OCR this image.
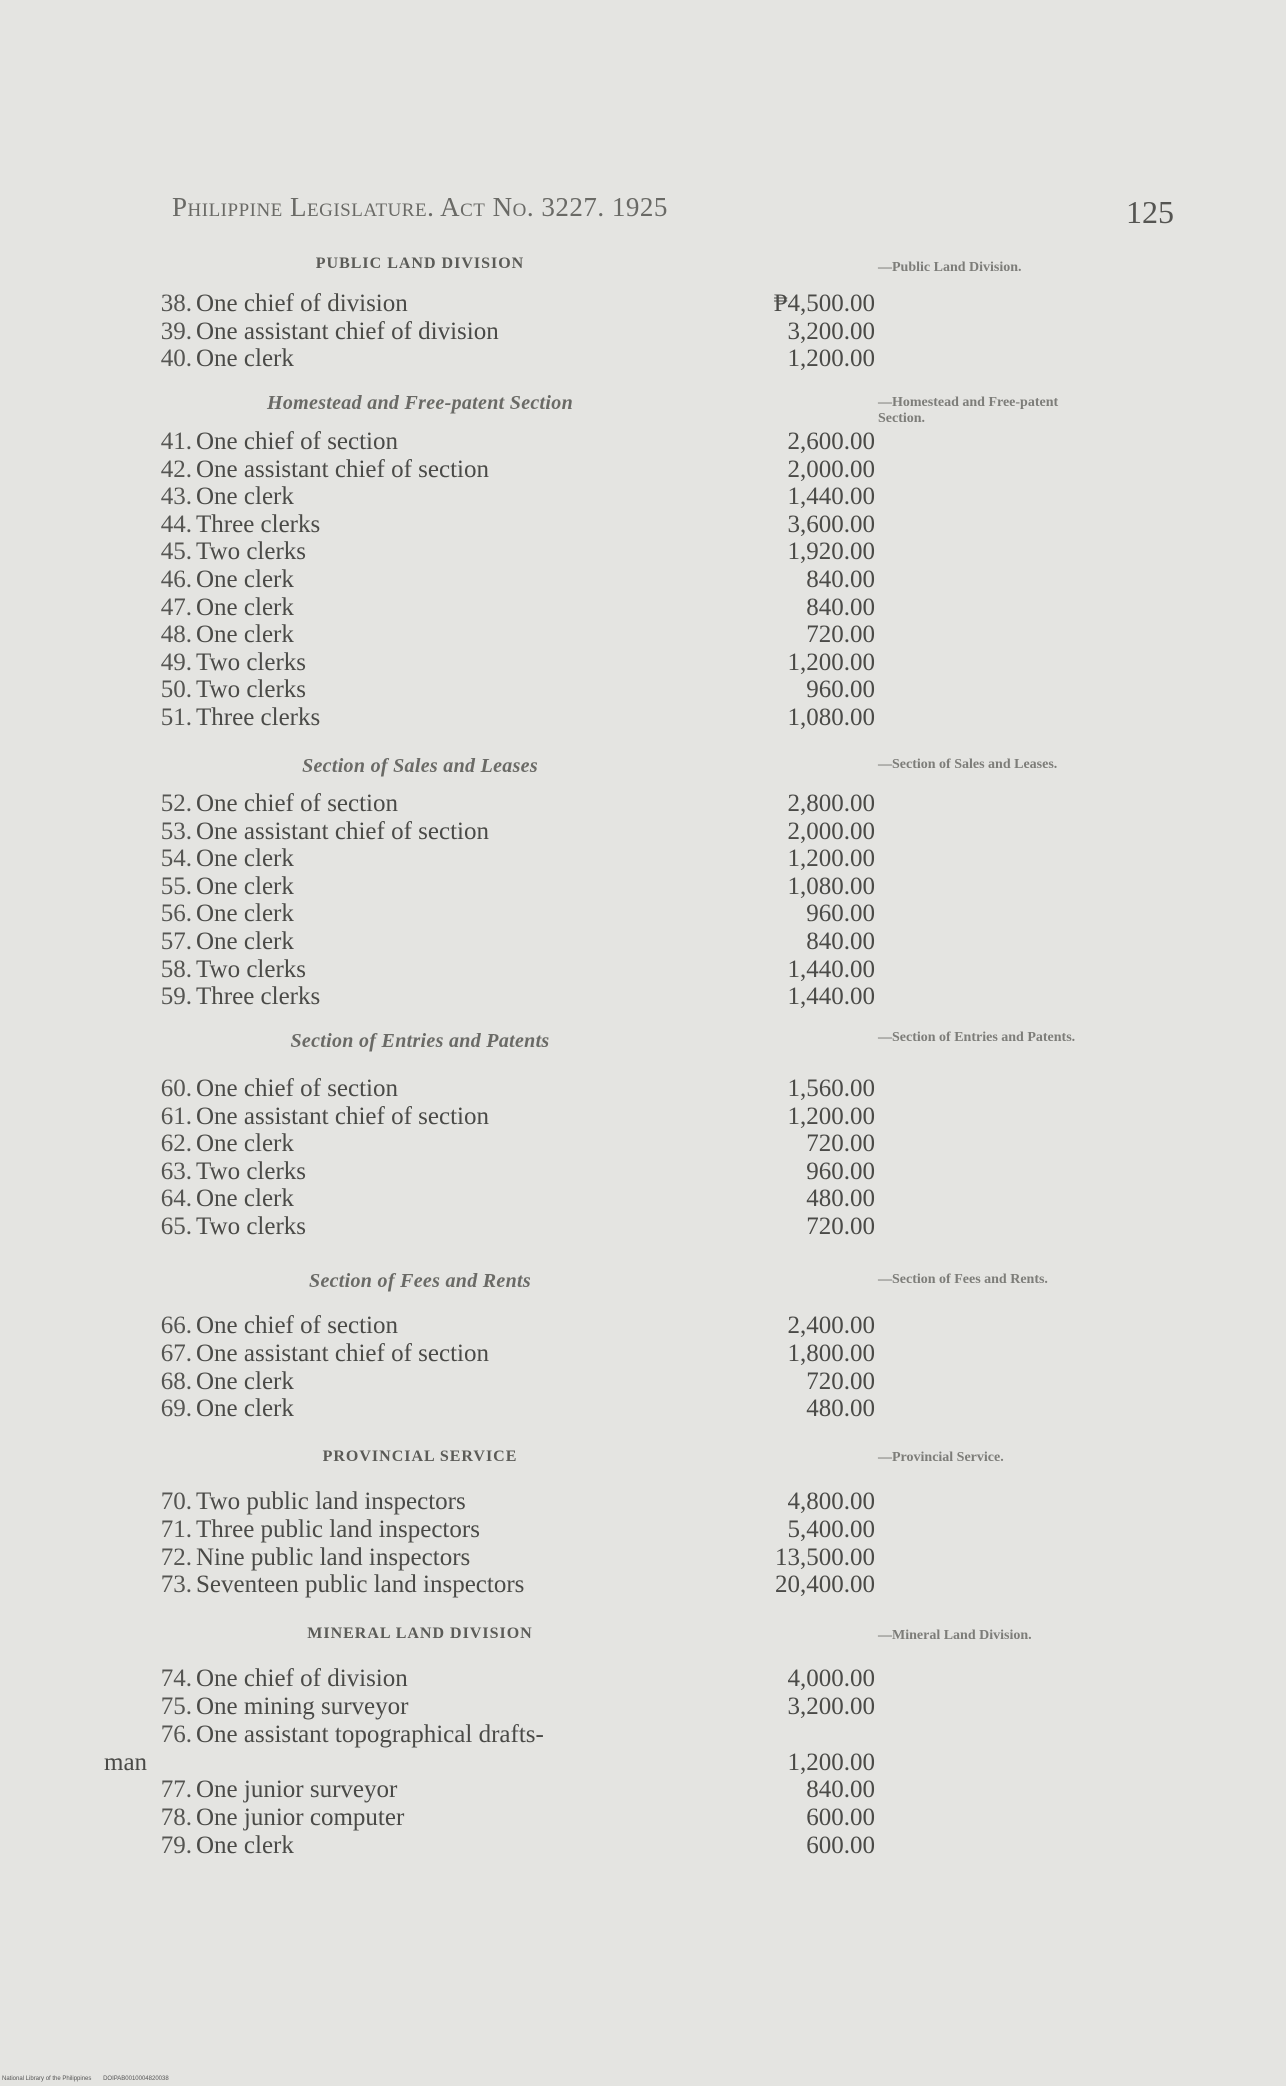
Philippine Legislature. Act No. 3227. 1925	125
PUBLIC LAND DIVISION	—Public Land Division.
38. One chief of division	₱4,500.00
39. One assistant chief of division	3,200.00
40. One clerk	1,200.00
Homestead and Free-patent Section	—Homestead and Free-patent Section.
41. One chief of section	2,600.00
42. One assistant chief of section	2,000.00
43. One clerk	1,440.00
44. Three clerks	3,600.00
45. Two clerks	1,920.00
46. One clerk	840.00
47. One clerk	840.00
48. One clerk	720.00
49. Two clerks	1,200.00
50. Two clerks	960.00
51. Three clerks	1,080.00
Section of Sales and Leases	—Section of Sales and Leases.
52. One chief of section	2,800.00
53. One assistant chief of section	2,000.00
54. One clerk	1,200.00
55. One clerk	1,080.00
56. One clerk	960.00
57. One clerk	840.00
58. Two clerks	1,440.00
59. Three clerks	1,440.00
Section of Entries and Patents	—Section of Entries and Patents.
60. One chief of section	1,560.00
61. One assistant chief of section	1,200.00
62. One clerk	720.00
63. Two clerks	960.00
64. One clerk	480.00
65. Two clerks	720.00
Section of Fees and Rents	—Section of Fees and Rents.
66. One chief of section	2,400.00
67. One assistant chief of section	1,800.00
68. One clerk	720.00
69. One clerk	480.00
PROVINCIAL SERVICE	—Provincial Service.
70. Two public land inspectors	4,800.00
71. Three public land inspectors	5,400.00
72. Nine public land inspectors	13,500.00
73. Seventeen public land inspectors	20,400.00
MINERAL LAND DIVISION	—Mineral Land Division.
74. One chief of division	4,000.00
75. One mining surveyor	3,200.00
76. One assistant topographical drafts-
man	1,200.00
77. One junior surveyor	840.00
78. One junior computer	600.00
79. One clerk	600.00
National Library of the Philippines DOIPAB0010004820038
